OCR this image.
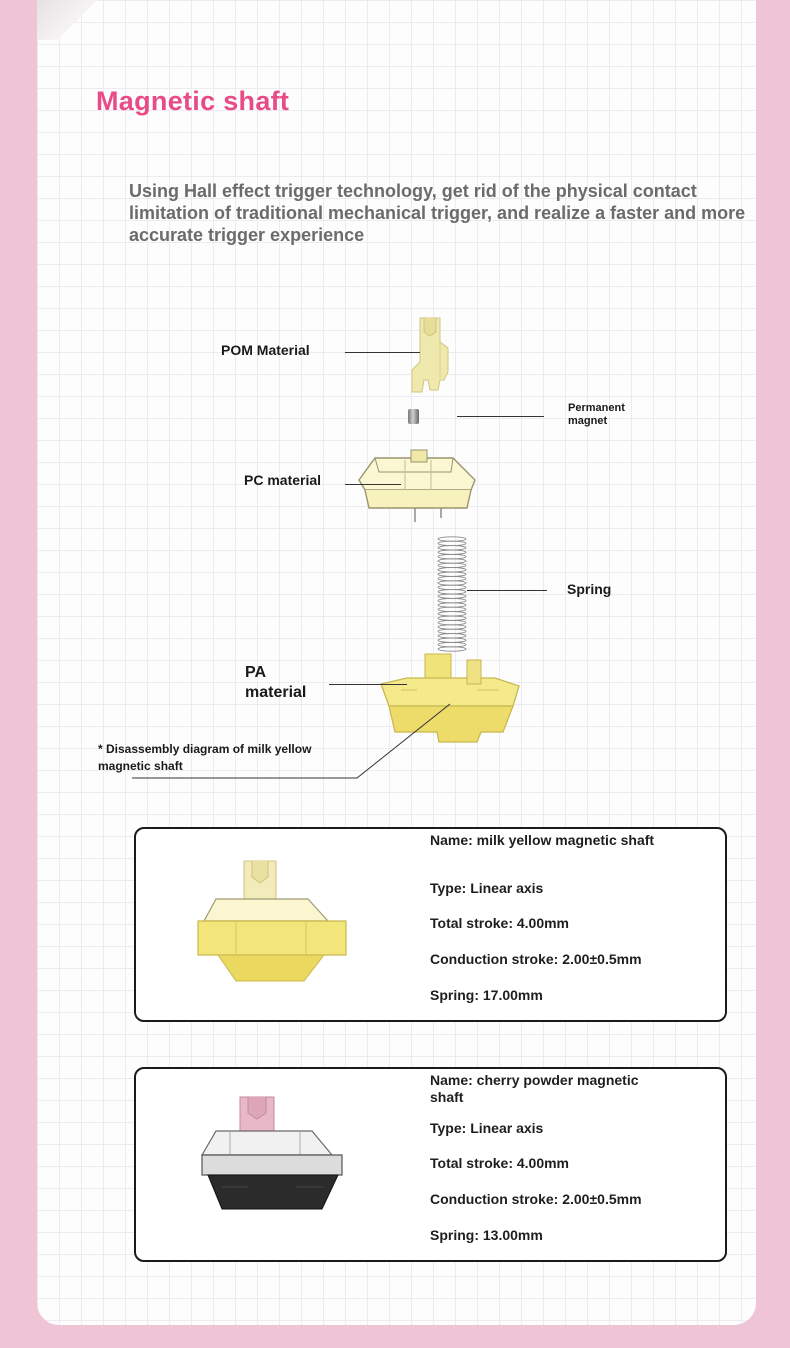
Magnetic shaft

Using Hall effect trigger technology, get rid of the physical contact limitation of traditional mechanical trigger, and realize a faster and more accurate trigger experience

POM Material
Permanent magnet
PC material
Spring
PA material
* Disassembly diagram of milk yellow magnetic shaft
Name: milk yellow magnetic shaft
Type: Linear axis
Total stroke: 4.00mm
Conduction stroke: 2.00±0.5mm
Spring: 17.00mm
Name: cherry powder magnetic shaft
Type: Linear axis
Total stroke: 4.00mm
Conduction stroke: 2.00±0.5mm
Spring: 13.00mm
